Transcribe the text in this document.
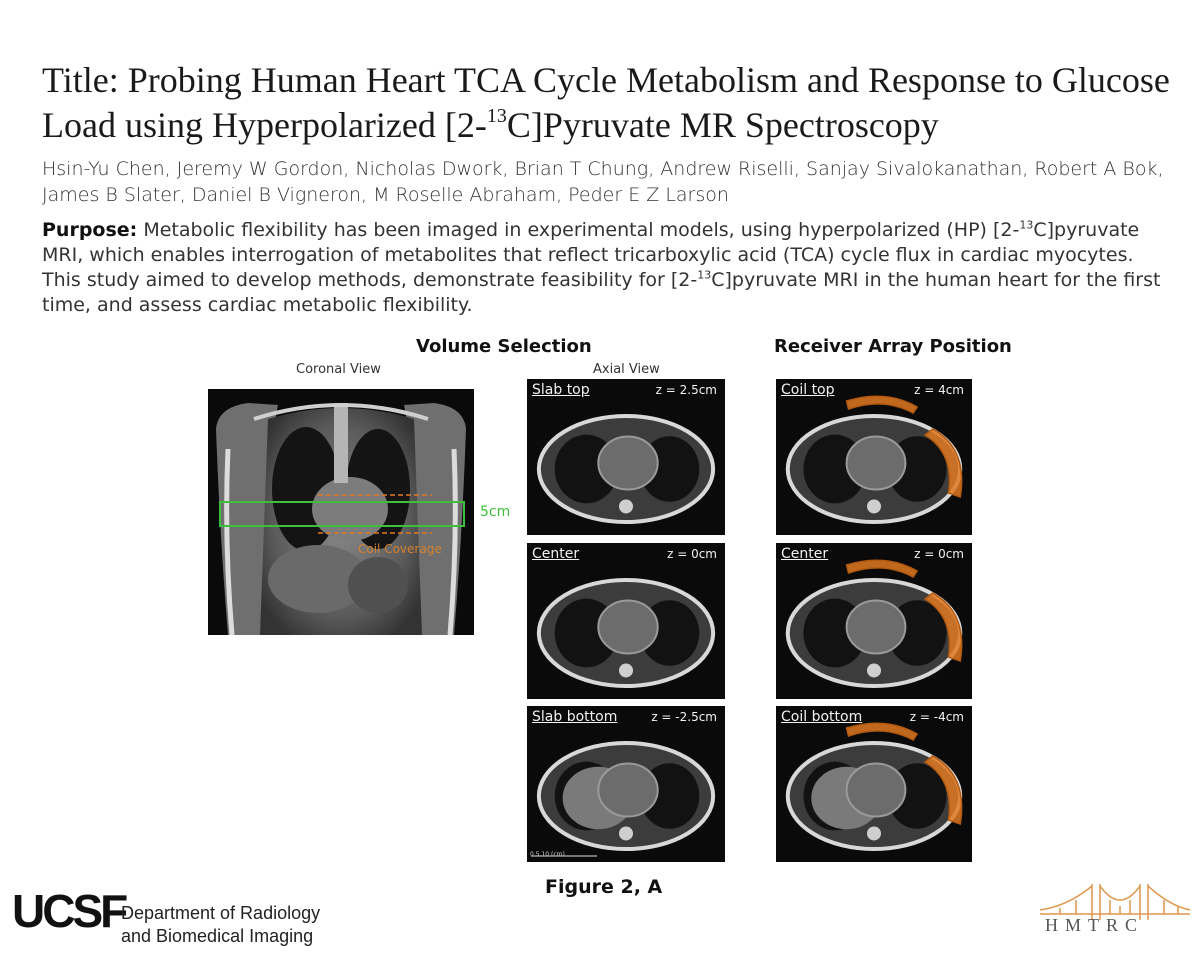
Title: Probing Human Heart TCA Cycle Metabolism and Response to Glucose Load using Hyperpolarized [2-$^{13}$C]Pyruvate MR Spectroscopy
Hsin-Yu Chen, Jeremy W Gordon, Nicholas Dwork, Brian T Chung, Andrew Riselli, Sanjay Sivalokanathan, Robert A Bok, James B Slater, Daniel B Vigneron, M Roselle Abraham, Peder E Z Larson
Purpose: Metabolic flexibility has been imaged in experimental models, using hyperpolarized (HP) [2-$^{13}$C]pyruvate MRI, which enables interrogation of metabolites that reflect tricarboxylic acid (TCA) cycle flux in cardiac myocytes. This study aimed to develop methods, demonstrate feasibility for [2-$^{13}$C]pyruvate MRI in the human heart for the first time, and assess cardiac metabolic flexibility.
Volume Selection	Receiver Array Position
Coronal View	Axial View
5cm
Coil Coverage
Slab top	z = 2.5cm
Center	z = 0cm
Slab bottom	z = -2.5cm
0 5 10 (cm)
Coil top	z = 4cm
Center	z = 0cm
Coil bottom	z = -4cm
Figure 2, A
UCSF
Department of Radiology
and Biomedical Imaging
HMTRC
